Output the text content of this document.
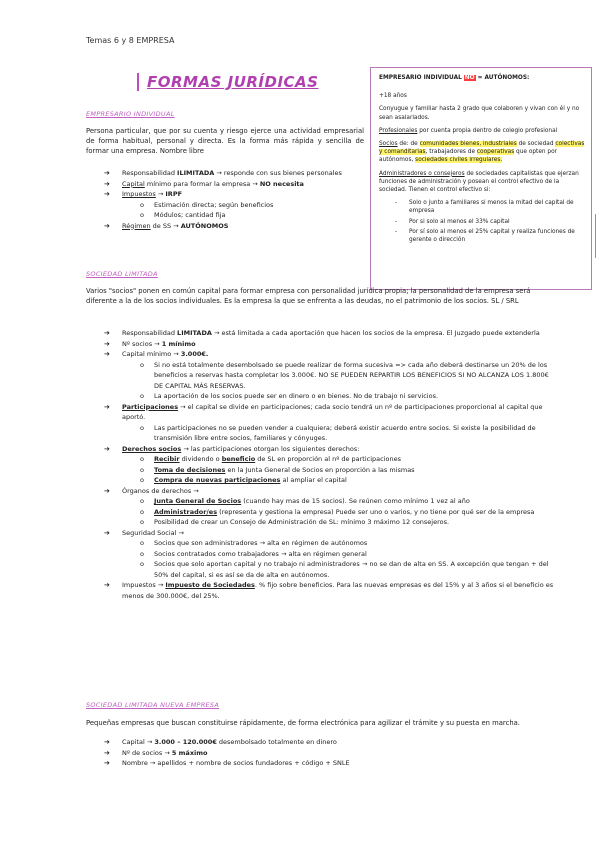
Temas 6 y 8 EMPRESA
FORMAS JURÍDICAS
EMPRESARIO INDIVIDUAL
Persona particular, que por su cuenta y riesgo ejerce una actividad empresarial de forma habitual, personal y directa. Es la forma más rápida y sencilla de formar una empresa. Nombre libre
➔	Responsabilidad ILIMITADA → responde con sus bienes personales
➔	Capital mínimo para formar la empresa → NO necesita
➔	Impuestos → IRPF
o	Estimación directa; según beneficios
o	Módulos; cantidad fija
➔	Régimen de SS → AUTÓNOMOS

EMPRESARIO INDIVIDUAL NO = AUTÓNOMOS:

+18 años

Conyugue y familiar hasta 2 grado que colaboren y vivan con él y no sean asalariados.

Profesionales por cuenta propia dentro de colegio profesional

Socios de: de comunidades bienes, industriales de sociedad colectivas y comanditarias, trabajadores de cooperativas que opten por autónomos, sociedades civiles irregulares.

Administradores o consejeros de sociedades capitalistas que ejerzan funciones de administración y posean el control efectivo de la sociedad. Tienen el control efectivo si:

-	Solo o junto a familiares si menos la mitad del capital de empresa
-	Por si solo al menos el 33% capital
-	Por sí solo al menos el 25% capital y realiza funciones de gerente o dirección
SOCIEDAD LIMITADA
Varios "socios" ponen en común capital para formar empresa con personalidad jurídica propia; la personalidad de la empresa será diferente a la de los socios individuales. Es la empresa la que se enfrenta a las deudas, no el patrimonio de los socios. SL / SRL
➔	Responsabilidad LIMITADA → está limitada a cada aportación que hacen los socios de la empresa. El Juzgado puede extenderla
➔	Nº socios → 1 mínimo
➔	Capital mínimo → 3.000€.
o	Si no está totalmente desembolsado se puede realizar de forma sucesiva => cada año deberá destinarse un 20% de los beneficios a reservas hasta completar los 3.000€. NO SE PUEDEN REPARTIR LOS BENEFICIOS SI NO ALCANZA LOS 1.800€ DE CAPITAL MÁS RESERVAS.
o	La aportación de los socios puede ser en dinero o en bienes. No de trabajo ni servicios.
➔	Participaciones → el capital se divide en participaciones; cada socio tendrá un nº de participaciones proporcional al capital que aportó.
o	Las participaciones no se pueden vender a cualquiera; deberá existir acuerdo entre socios. Si existe la posibilidad de transmisión libre entre socios, familiares y cónyuges.
➔	Derechos socios → las participaciones otorgan los siguientes derechos:
o	Recibir dividendo o beneficio de SL en proporción al nº de participaciones
o	Toma de decisiones en la Junta General de Socios en proporción a las mismas
o	Compra de nuevas participaciones al ampliar el capital
➔	Órganos de derechos →
o	Junta General de Socios (cuando hay mas de 15 socios). Se reúnen como mínimo 1 vez al año
o	Administrador/es (representa y gestiona la empresa) Puede ser uno o varios, y no tiene por qué ser de la empresa
o	Posibilidad de crear un Consejo de Administración de SL: mínimo 3 máximo 12 consejeros.
➔	Seguridad Social →
o	Socios que son administradores → alta en régimen de autónomos
o	Socios contratados como trabajadores → alta en régimen general
o	Socios que solo aportan capital y no trabajo ni administradores → no se dan de alta en SS. A excepción que tengan + del 50% del capital, si es así se da de alta en autónomos.
➔	Impuestos → Impuesto de Sociedades. % fijo sobre beneficios. Para las nuevas empresas es del 15% y al 3 años si el beneficio es menos de 300.000€, del 25%.
SOCIEDAD LIMITADA NUEVA EMPRESA
Pequeñas empresas que buscan constituirse rápidamente, de forma electrónica para agilizar el trámite y su puesta en marcha.
➔	Capital → 3.000 – 120.000€ desembolsado totalmente en dinero
➔	Nº de socios → 5 máximo
➔	Nombre → apellidos + nombre de socios fundadores + código + SNLE
